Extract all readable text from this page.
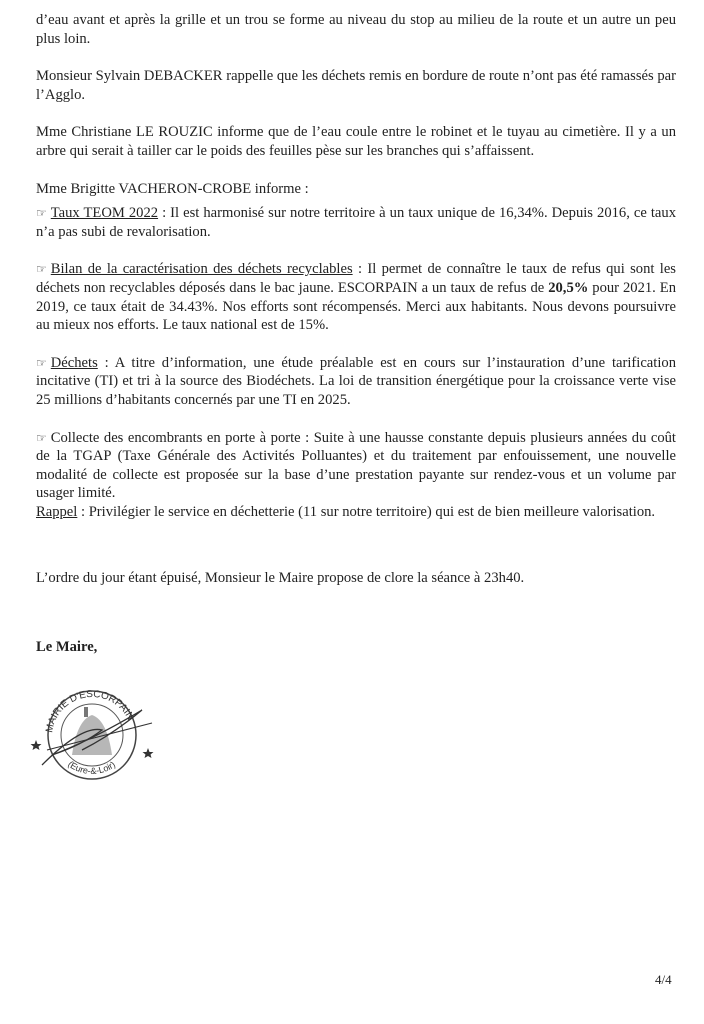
d’eau avant et après la grille et un trou se forme au niveau du stop au milieu de la route et un autre un peu plus loin.

Monsieur Sylvain DEBACKER rappelle que les déchets remis en bordure de route n’ont pas été ramassés par l’Agglo.

Mme Christiane LE ROUZIC informe que de l’eau coule entre le robinet et le tuyau au cimetière. Il y a un arbre qui serait à tailler car le poids des feuilles pèse sur les branches qui s’affaissent.

Mme Brigitte VACHERON-CROBE informe :

☞ Taux TEOM 2022 : Il est harmonisé sur notre territoire à un taux unique de 16,34%. Depuis 2016, ce taux n’a pas subi de revalorisation.

☞ Bilan de la caractérisation des déchets recyclables : Il permet de connaître le taux de refus qui sont les déchets non recyclables déposés dans le bac jaune. ESCORPAIN a un taux de refus de 20,5% pour 2021. En 2019, ce taux était de 34.43%. Nos efforts sont récompensés. Merci aux habitants. Nous devons poursuivre au mieux nos efforts. Le taux national est de 15%.

☞ Déchets : A titre d’information, une étude préalable est en cours sur l’instauration d’une tarification incitative (TI) et tri à la source des Biodéchets. La loi de transition énergétique pour la croissance verte vise 25 millions d’habitants concernés par une TI en 2025.

☞ Collecte des encombrants en porte à porte : Suite à une hausse constante depuis plusieurs années du coût de la TGAP (Taxe Générale des Activités Polluantes) et du traitement par enfouissement, une nouvelle modalité de collecte est proposée sur la base d’une prestation payante sur rendez-vous et un volume par usager limité.

Rappel : Privilégier le service en déchetterie (11 sur notre territoire) qui est de bien meilleure valorisation.

L’ordre du jour étant épuisé, Monsieur le Maire propose de clore la séance à 23h40.

Le Maire,

MAIRIE D'ESCORPAIN
(Eure-&-Loir)
4/4
